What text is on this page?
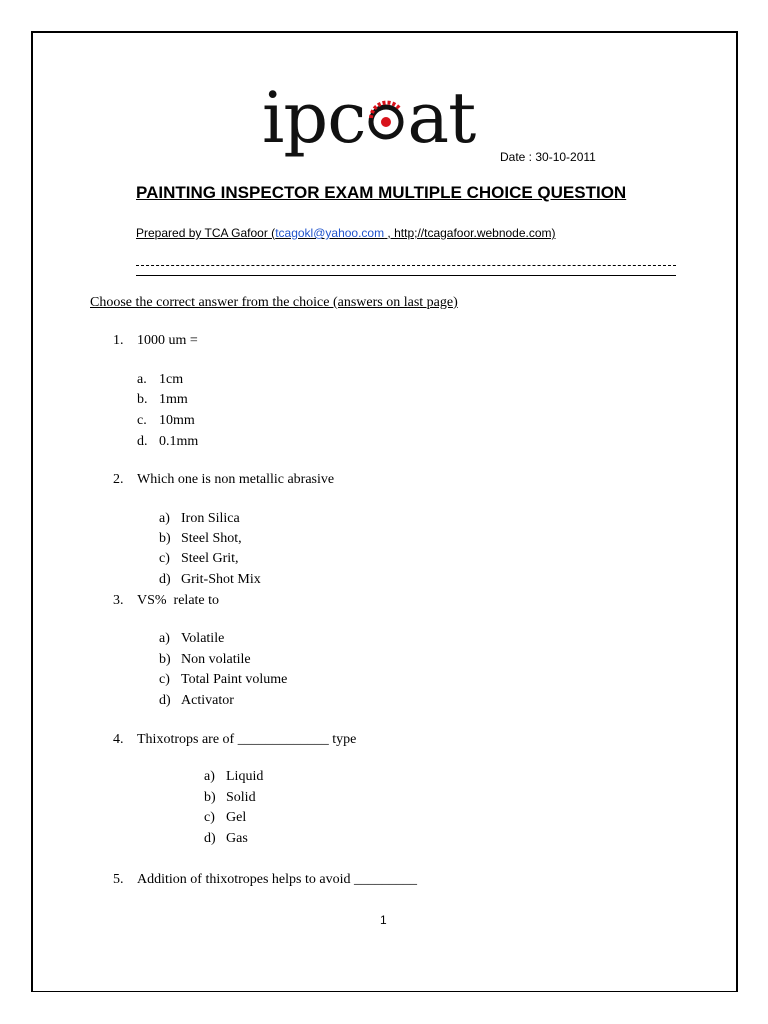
ipc at Date : 30-10-2011
PAINTING INSPECTOR EXAM MULTIPLE CHOICE QUESTION
Prepared by TCA Gafoor (tcagokl@yahoo.com , http;//tcagafoor.webnode.com)
Choose the correct answer from the choice (answers on last page)
1. 1000 um =
a. 1cm
b. 1mm
c. 10mm
d. 0.1mm
2. Which one is non metallic abrasive
a) Iron Silica
b) Steel Shot,
c) Steel Grit,
d) Grit-Shot Mix
3. VS%  relate to
a) Volatile
b) Non volatile
c) Total Paint volume
d) Activator
4. Thixotrops are of _____________ type
a) Liquid
b) Solid
c) Gel
d) Gas
5. Addition of thixotropes helps to avoid _________
1
